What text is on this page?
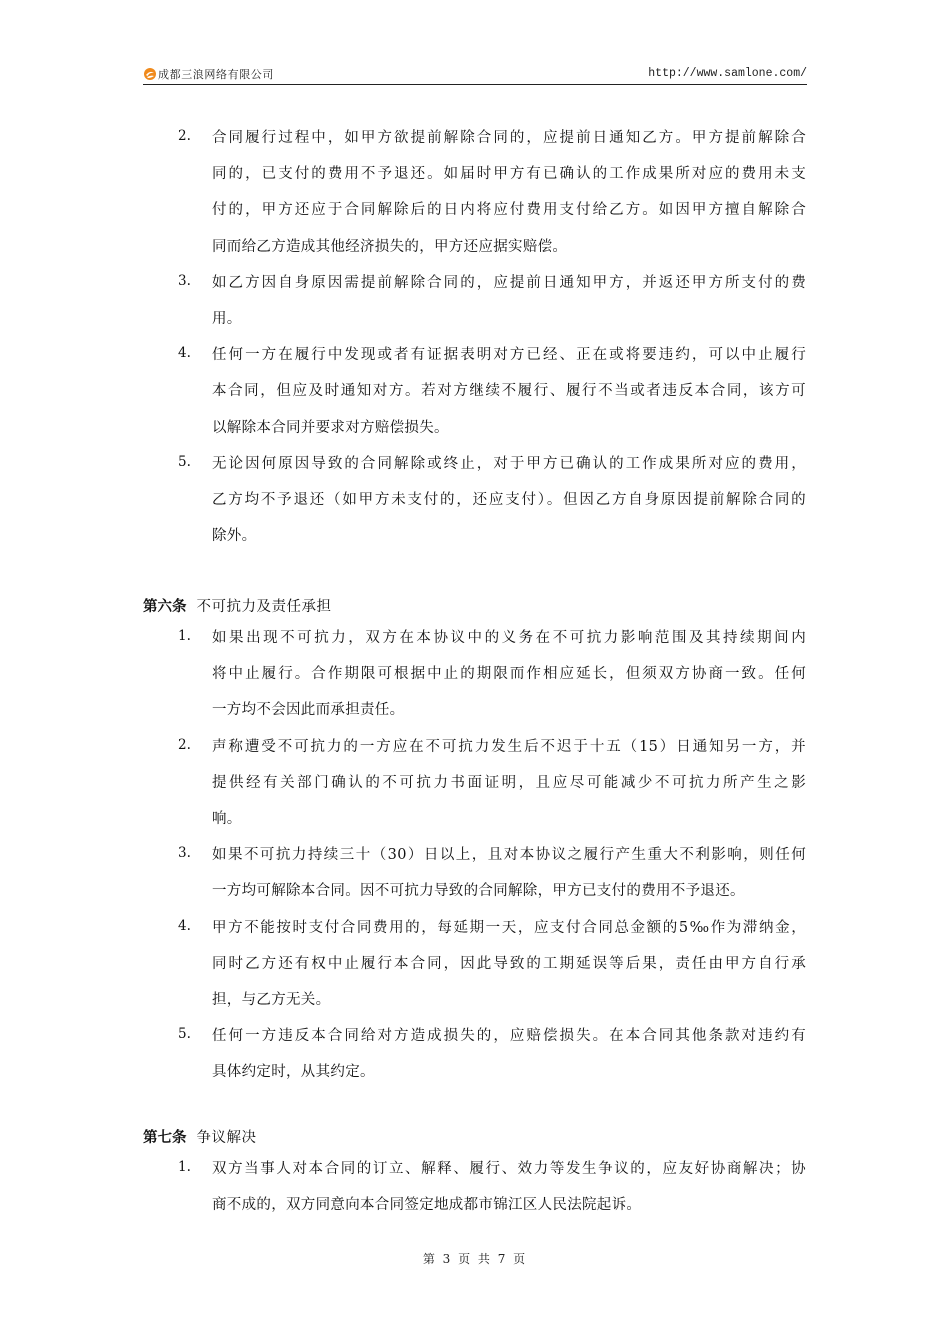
成都三浪网络有限公司	http://www.samlone.com/
2. 合同履行过程中，如甲方欲提前解除合同的，应提前日通知乙方。甲方提前解除合
同的，已支付的费用不予退还。如届时甲方有已确认的工作成果所对应的费用未支
付的，甲方还应于合同解除后的日内将应付费用支付给乙方。如因甲方擅自解除合
同而给乙方造成其他经济损失的，甲方还应据实赔偿。
3. 如乙方因自身原因需提前解除合同的，应提前日通知甲方，并返还甲方所支付的费
用。
4. 任何一方在履行中发现或者有证据表明对方已经、正在或将要违约，可以中止履行
本合同，但应及时通知对方。若对方继续不履行、履行不当或者违反本合同，该方可
以解除本合同并要求对方赔偿损失。
5. 无论因何原因导致的合同解除或终止，对于甲方已确认的工作成果所对应的费用，
乙方均不予退还（如甲方未支付的，还应支付）。但因乙方自身原因提前解除合同的
除外。
第六条 不可抗力及责任承担
1. 如果出现不可抗力，双方在本协议中的义务在不可抗力影响范围及其持续期间内
将中止履行。合作期限可根据中止的期限而作相应延长，但须双方协商一致。任何
一方均不会因此而承担责任。
2. 声称遭受不可抗力的一方应在不可抗力发生后不迟于十五（15）日通知另一方，并
提供经有关部门确认的不可抗力书面证明，且应尽可能减少不可抗力所产生之影
响。
3. 如果不可抗力持续三十（30）日以上，且对本协议之履行产生重大不利影响，则任何
一方均可解除本合同。因不可抗力导致的合同解除，甲方已支付的费用不予退还。
4. 甲方不能按时支付合同费用的，每延期一天，应支付合同总金额的5‰作为滞纳金，
同时乙方还有权中止履行本合同，因此导致的工期延误等后果，责任由甲方自行承
担，与乙方无关。
5. 任何一方违反本合同给对方造成损失的，应赔偿损失。在本合同其他条款对违约有
具体约定时，从其约定。
第七条 争议解决
1. 双方当事人对本合同的订立、解释、履行、效力等发生争议的，应友好协商解决；协
商不成的，双方同意向本合同签定地成都市锦江区人民法院起诉。
第 3 页 共 7 页
